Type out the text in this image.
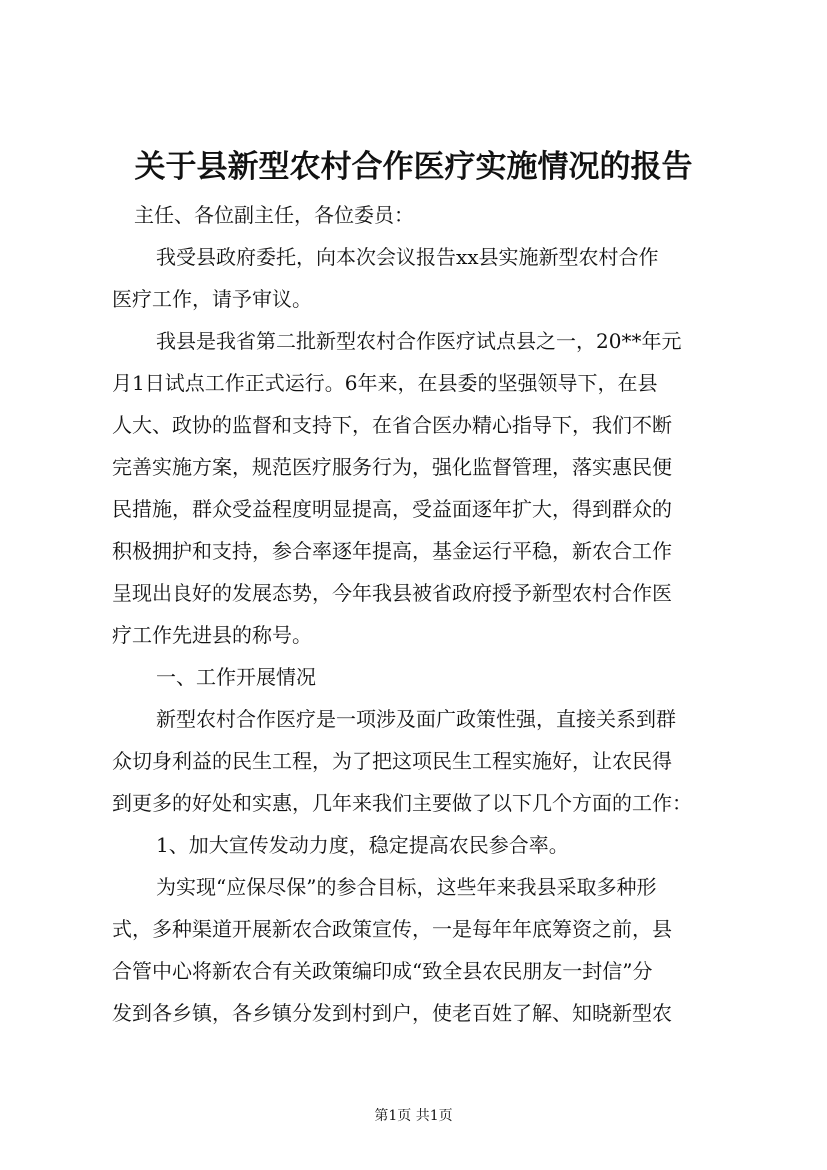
关于县新型农村合作医疗实施情况的报告
主任、各位副主任，各位委员：
我受县政府委托，向本次会议报告xx县实施新型农村合作
医疗工作，请予审议。
我县是我省第二批新型农村合作医疗试点县之一，20**年元
月1日试点工作正式运行。6年来，在县委的坚强领导下，在县
人大、政协的监督和支持下，在省合医办精心指导下，我们不断
完善实施方案，规范医疗服务行为，强化监督管理，落实惠民便
民措施，群众受益程度明显提高，受益面逐年扩大，得到群众的
积极拥护和支持，参合率逐年提高，基金运行平稳，新农合工作
呈现出良好的发展态势，今年我县被省政府授予新型农村合作医
疗工作先进县的称号。
一、工作开展情况
新型农村合作医疗是一项涉及面广政策性强，直接关系到群
众切身利益的民生工程，为了把这项民生工程实施好，让农民得
到更多的好处和实惠，几年来我们主要做了以下几个方面的工作：
1、加大宣传发动力度，稳定提高农民参合率。
为实现“应保尽保”的参合目标，这些年来我县采取多种形
式，多种渠道开展新农合政策宣传，一是每年年底筹资之前，县
合管中心将新农合有关政策编印成“致全县农民朋友一封信”分
发到各乡镇，各乡镇分发到村到户，使老百姓了解、知晓新型农
第1页 共1页
